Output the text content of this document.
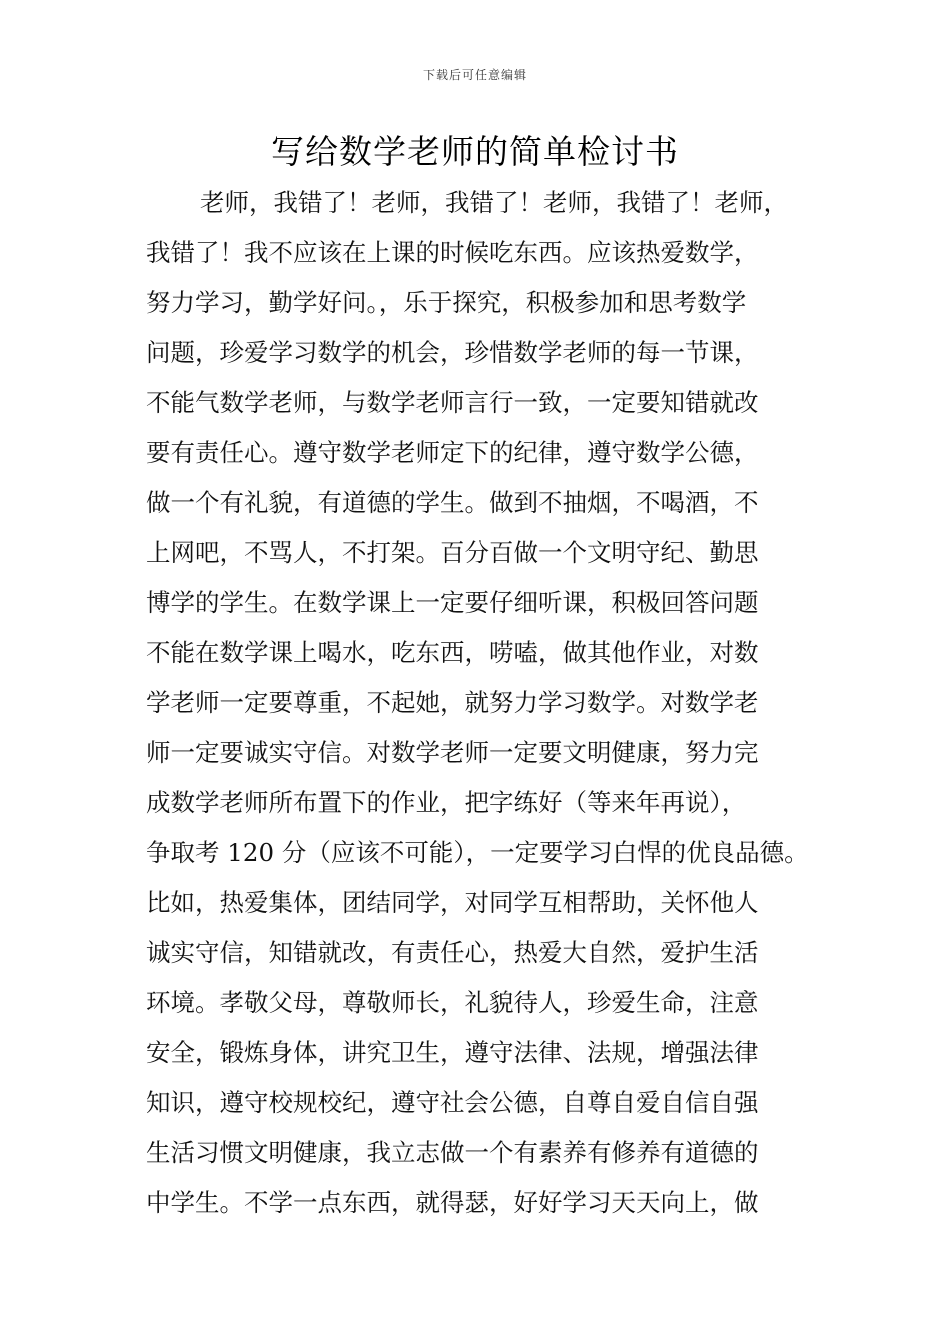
下载后可任意编辑
写给数学老师的简单检讨书
老师，我错了！老师，我错了！老师，我错了！老师，
我错了！我不应该在上课的时候吃东西。应该热爱数学，
努力学习，勤学好问。，乐于探究，积极参加和思考数学
问题，珍爱学习数学的机会，珍惜数学老师的每一节课，
不能气数学老师，与数学老师言行一致，一定要知错就改
要有责任心。遵守数学老师定下的纪律，遵守数学公德，
做一个有礼貌，有道德的学生。做到不抽烟，不喝酒，不
上网吧，不骂人，不打架。百分百做一个文明守纪、勤思
博学的学生。在数学课上一定要仔细听课，积极回答问题
不能在数学课上喝水，吃东西，唠嗑，做其他作业，对数
学老师一定要尊重，不起她，就努力学习数学。对数学老
师一定要诚实守信。对数学老师一定要文明健康，努力完
成数学老师所布置下的作业，把字练好（等来年再说），
争取考 120 分（应该不可能），一定要学习白悍的优良品德。
比如，热爱集体，团结同学，对同学互相帮助，关怀他人
诚实守信，知错就改，有责任心，热爱大自然，爱护生活
环境。孝敬父母，尊敬师长，礼貌待人，珍爱生命，注意
安全，锻炼身体，讲究卫生，遵守法律、法规，增强法律
知识，遵守校规校纪，遵守社会公德，自尊自爱自信自强
生活习惯文明健康，我立志做一个有素养有修养有道德的
中学生。不学一点东西，就得瑟，好好学习天天向上，做
